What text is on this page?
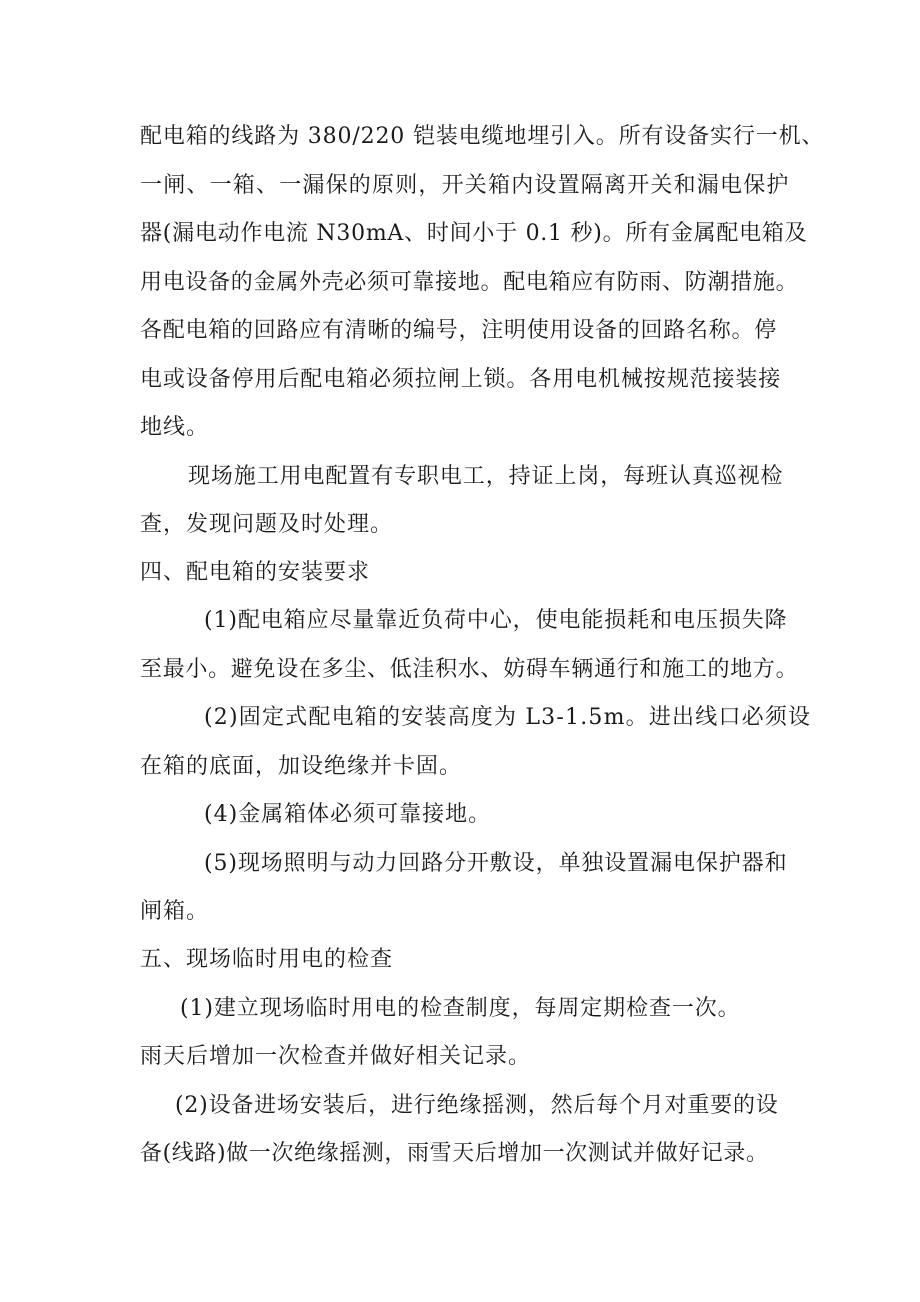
配电箱的线路为 380/220 铠装电缆地埋引入。所有设备实行一机、
一闸、一箱、一漏保的原则，开关箱内设置隔离开关和漏电保护
器(漏电动作电流 N30mA、时间小于 0.1 秒)。所有金属配电箱及
用电设备的金属外壳必须可靠接地。配电箱应有防雨、防潮措施。
各配电箱的回路应有清晰的编号，注明使用设备的回路名称。停
电或设备停用后配电箱必须拉闸上锁。各用电机械按规范接装接
地线。
现场施工用电配置有专职电工，持证上岗，每班认真巡视检
查，发现问题及时处理。
四、配电箱的安装要求
(1)配电箱应尽量靠近负荷中心，使电能损耗和电压损失降
至最小。避免设在多尘、低洼积水、妨碍车辆通行和施工的地方。
(2)固定式配电箱的安装高度为 L3-1.5m。进出线口必须设
在箱的底面，加设绝缘并卡固。
(4)金属箱体必须可靠接地。
(5)现场照明与动力回路分开敷设，单独设置漏电保护器和
闸箱。
五、现场临时用电的检查
(1)建立现场临时用电的检查制度，每周定期检查一次。
雨天后增加一次检查并做好相关记录。
(2)设备进场安装后，进行绝缘摇测，然后每个月对重要的设
备(线路)做一次绝缘摇测，雨雪天后增加一次测试并做好记录。
